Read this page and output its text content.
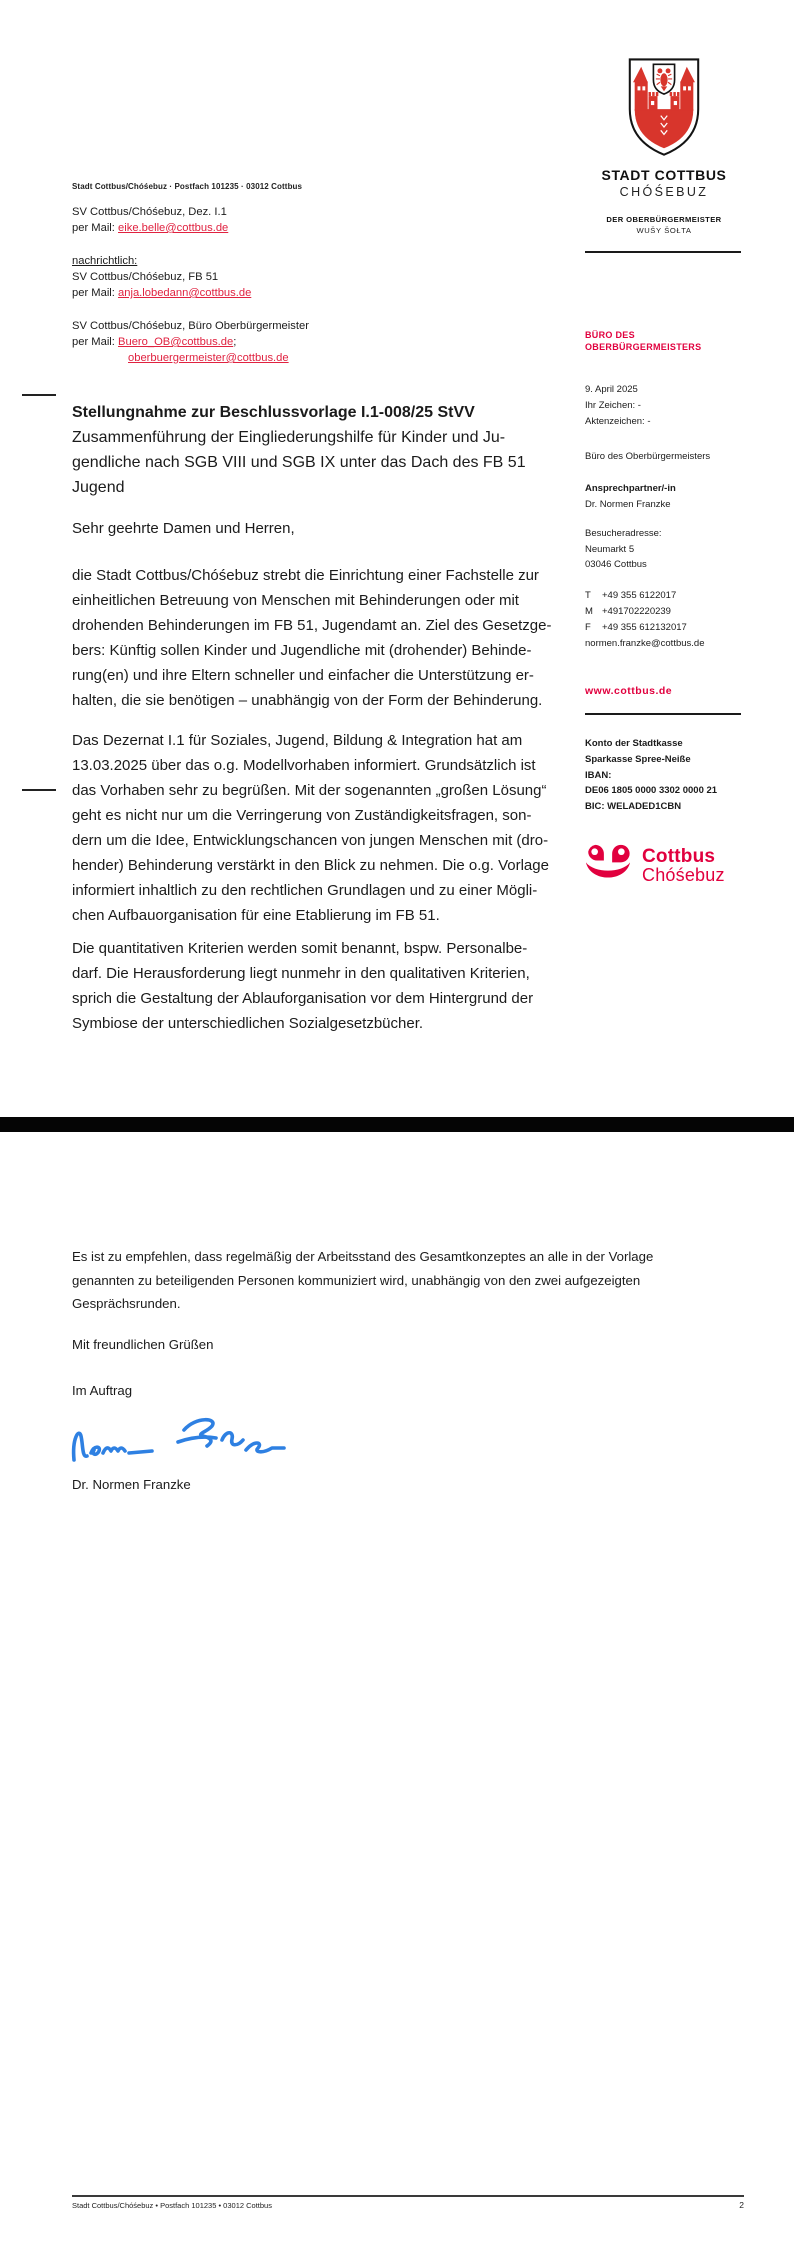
STADT COTTBUS
CHÓŚEBUZ
DER OBERBÜRGERMEISTER
WUŠY ŠOŁTA
BÜRO DES
OBERBÜRGERMEISTERS
9. April 2025
Ihr Zeichen: -
Aktenzeichen: -
Büro des Oberbürgermeisters
Ansprechpartner/-in
Dr. Normen Franzke
Besucheradresse:
Neumarkt 5
03046 Cottbus
T +49 355 6122017
M +491702220239
F +49 355 612132017
normen.franzke@cottbus.de
www.cottbus.de
Konto der Stadtkasse
Sparkasse Spree-Neiße
IBAN:
DE06 1805 0000 3302 0000 21
BIC: WELADED1CBN
Cottbus
Chóśebuz
Stadt Cottbus/Chóśebuz · Postfach 101235 · 03012 Cottbus
SV Cottbus/Chóśebuz, Dez. I.1
per Mail: eike.belle@cottbus.de
nachrichtlich:
SV Cottbus/Chóśebuz, FB 51
per Mail: anja.lobedann@cottbus.de
SV Cottbus/Chóśebuz, Büro Oberbürgermeister
per Mail: Buero_OB@cottbus.de;
oberbuergermeister@cottbus.de
Stellungnahme zur Beschlussvorlage I.1-008/25 StVV
Zusammenführung der Eingliederungshilfe für Kinder und Ju-
gendliche nach SGB VIII und SGB IX unter das Dach des FB 51
Jugend
Sehr geehrte Damen und Herren,
die Stadt Cottbus/Chóśebuz strebt die Einrichtung einer Fachstelle zur
einheitlichen Betreuung von Menschen mit Behinderungen oder mit
drohenden Behinderungen im FB 51, Jugendamt an. Ziel des Gesetzge-
bers: Künftig sollen Kinder und Jugendliche mit (drohender) Behinde-
rung(en) und ihre Eltern schneller und einfacher die Unterstützung er-
halten, die sie benötigen – unabhängig von der Form der Behinderung.
Das Dezernat I.1 für Soziales, Jugend, Bildung & Integration hat am
13.03.2025 über das o.g. Modellvorhaben informiert. Grundsätzlich ist
das Vorhaben sehr zu begrüßen. Mit der sogenannten „großen Lösung“
geht es nicht nur um die Verringerung von Zuständigkeitsfragen, son-
dern um die Idee, Entwicklungschancen von jungen Menschen mit (dro-
hender) Behinderung verstärkt in den Blick zu nehmen. Die o.g. Vorlage
informiert inhaltlich zu den rechtlichen Grundlagen und zu einer Mögli-
chen Aufbauorganisation für eine Etablierung im FB 51.
Die quantitativen Kriterien werden somit benannt, bspw. Personalbe-
darf. Die Herausforderung liegt nunmehr in den qualitativen Kriterien,
sprich die Gestaltung der Ablauforganisation vor dem Hintergrund der
Symbiose der unterschiedlichen Sozialgesetzbücher.
Es ist zu empfehlen, dass regelmäßig der Arbeitsstand des Gesamtkonzeptes an alle in der Vorlage
genannten zu beteiligenden Personen kommuniziert wird, unabhängig von den zwei aufgezeigten
Gesprächsrunden.
Mit freundlichen Grüßen
Im Auftrag
Dr. Normen Franzke
Stadt Cottbus/Chóśebuz • Postfach 101235 • 03012 Cottbus	2
